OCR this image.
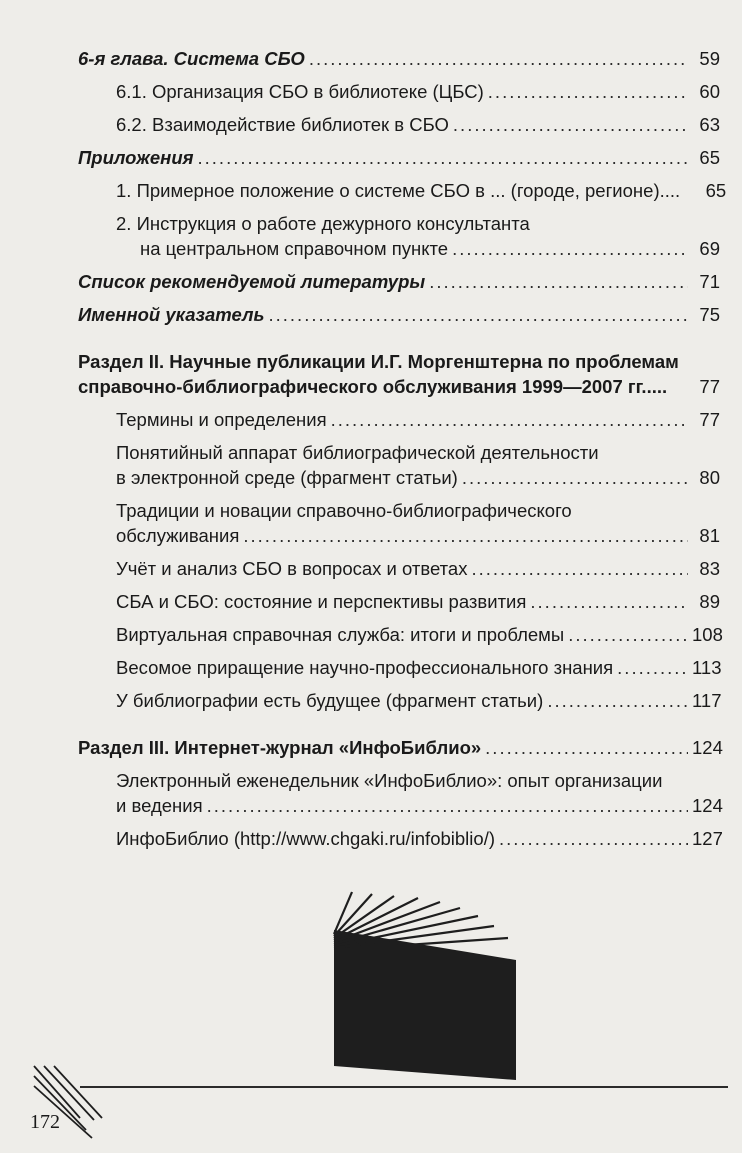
6-я глава. Система СБО .....	59
6.1. Организация СБО в библиотеке (ЦБС) .....	60
6.2. Взаимодействие библиотек в СБО .....	63
Приложения .....	65
1. Примерное положение о системе СБО в ... (городе, регионе)....	65
2. Инструкция о работе дежурного консультанта
на центральном справочном пункте .....	69
Список рекомендуемой литературы .....	71
Именной указатель .....	75
Раздел II. Научные публикации И.Г. Моргенштерна по проблемам
справочно-библиографического обслуживания 1999—2007 гг.....	77
Термины и определения .....	77
Понятийный аппарат библиографической деятельности
в электронной среде (фрагмент статьи) .....	80
Традиции и новации справочно-библиографического
обслуживания .....	81
Учёт и анализ СБО в вопросах и ответах .....	83
СБА и СБО: состояние и перспективы развития .....	89
Виртуальная справочная служба: итоги и проблемы .....	108
Весомое приращение научно-профессионального знания .....	113
У библиографии есть будущее (фрагмент статьи) .....	117
Раздел III. Интернет-журнал «ИнфоБиблио» .....	124
Электронный еженедельник «ИнфоБиблио»: опыт организации
и ведения .....	124
ИнфоБиблио (http://www.chgaki.ru/infobiblio/) .....	127
172
